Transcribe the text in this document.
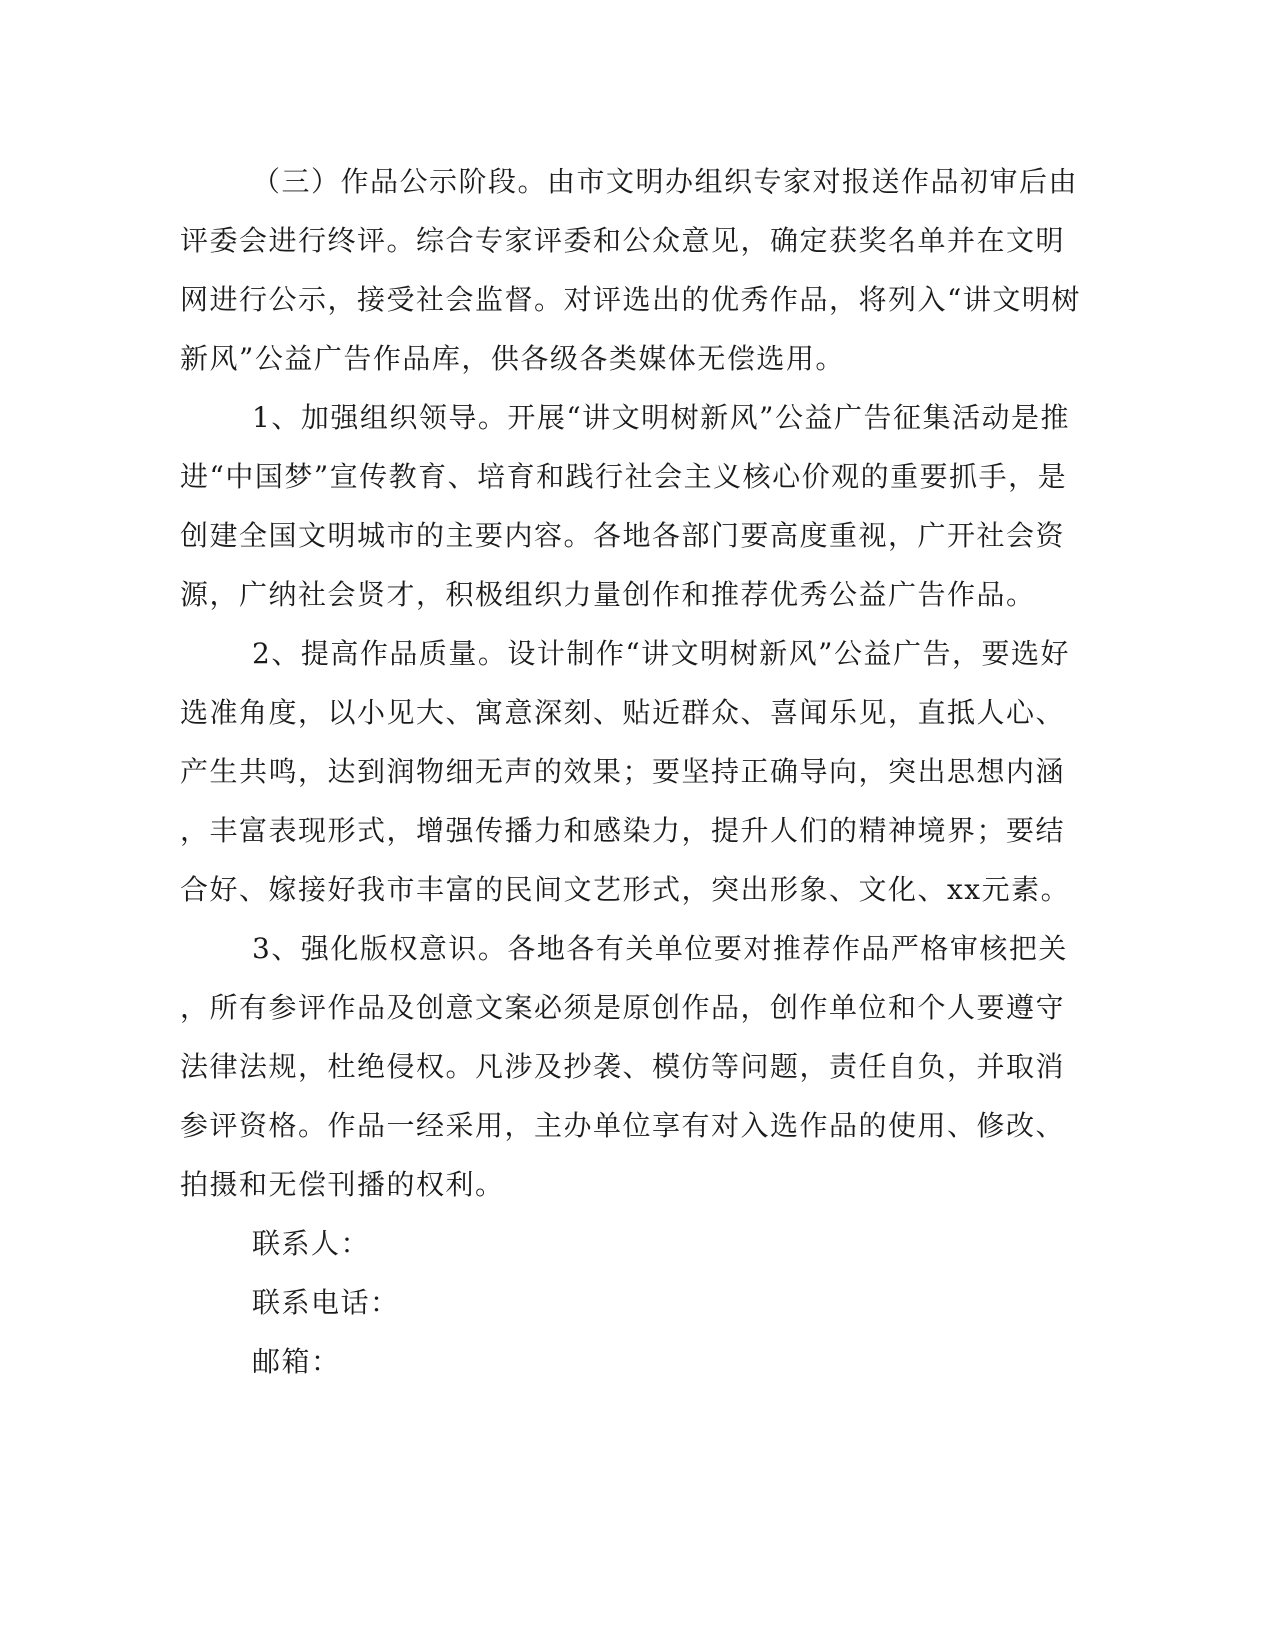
（三）作品公示阶段。由市文明办组织专家对报送作品初审后由
评委会进行终评。综合专家评委和公众意见，确定获奖名单并在文明
网进行公示，接受社会监督。对评选出的优秀作品，将列入“讲文明树
新风”公益广告作品库，供各级各类媒体无偿选用。
1、加强组织领导。开展“讲文明树新风”公益广告征集活动是推
进“中国梦”宣传教育、培育和践行社会主义核心价观的重要抓手，是
创建全国文明城市的主要内容。各地各部门要高度重视，广开社会资
源，广纳社会贤才，积极组织力量创作和推荐优秀公益广告作品。
2、提高作品质量。设计制作“讲文明树新风”公益广告，要选好
选准角度，以小见大、寓意深刻、贴近群众、喜闻乐见，直抵人心、
产生共鸣，达到润物细无声的效果；要坚持正确导向，突出思想内涵
，丰富表现形式，增强传播力和感染力，提升人们的精神境界；要结
合好、嫁接好我市丰富的民间文艺形式，突出形象、文化、xx元素。
3、强化版权意识。各地各有关单位要对推荐作品严格审核把关
，所有参评作品及创意文案必须是原创作品，创作单位和个人要遵守
法律法规，杜绝侵权。凡涉及抄袭、模仿等问题，责任自负，并取消
参评资格。作品一经采用，主办单位享有对入选作品的使用、修改、
拍摄和无偿刊播的权利。
联系人：
联系电话：
邮箱：
